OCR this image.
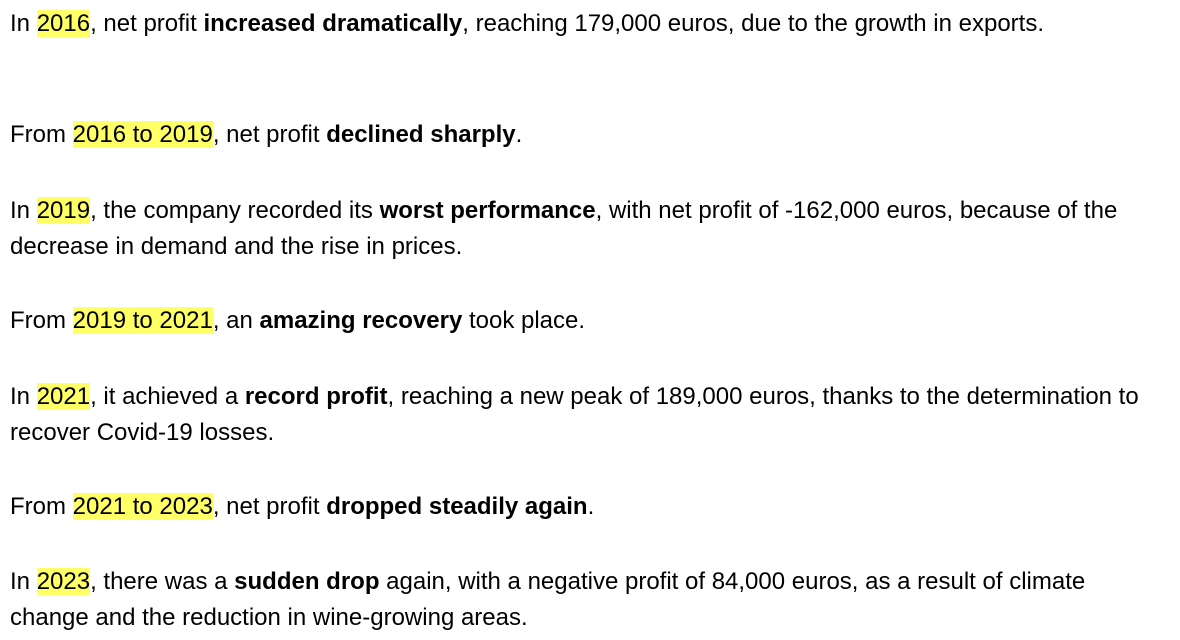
In 2016, net profit increased dramatically, reaching 179,000 euros, due to the growth in exports.

From 2016 to 2019, net profit declined sharply.

In 2019, the company recorded its worst performance, with net profit of -162,000 euros, because of the decrease in demand and the rise in prices.

From 2019 to 2021, an amazing recovery took place.

In 2021, it achieved a record profit, reaching a new peak of 189,000 euros, thanks to the determination to recover Covid-19 losses.

From 2021 to 2023, net profit dropped steadily again.

In 2023, there was a sudden drop again, with a negative profit of 84,000 euros, as a result of climate change and the reduction in wine-growing areas.
